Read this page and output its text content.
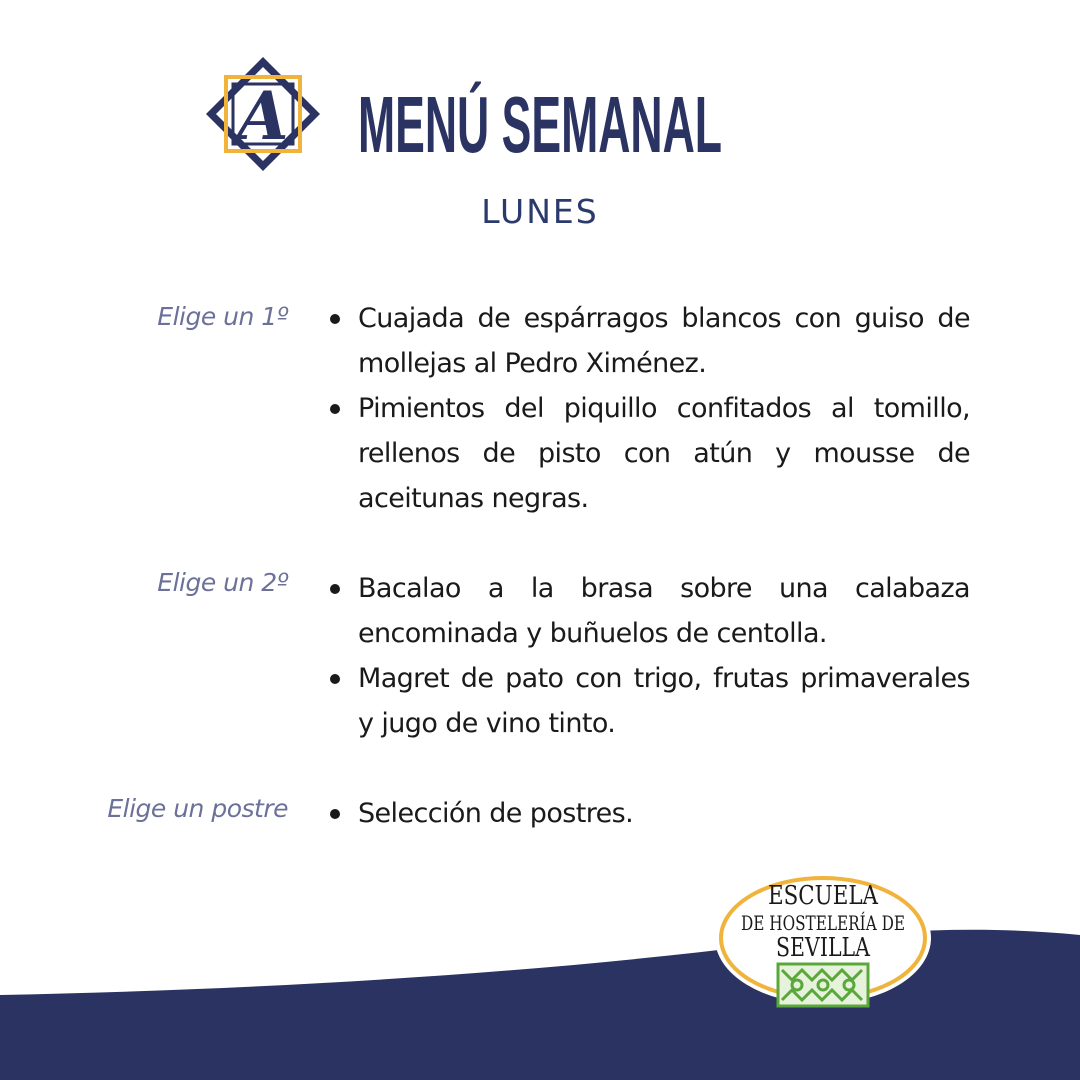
A MENÚ SEMANAL
LUNES
Elige un 1º	Cuajada de espárragos blancos con guiso de mollejas al Pedro Ximénez.
Pimientos del piquillo confitados al tomillo, rellenos de pisto con atún y mousse de aceitunas negras.
Elige un 2º	Bacalao a la brasa sobre una calabaza encominada y buñuelos de centolla.
Magret de pato con trigo, frutas primaverales y jugo de vino tinto.
Elige un postre	Selección de postres.
ESCUELA
DE HOSTELERÍA DE
SEVILLA
